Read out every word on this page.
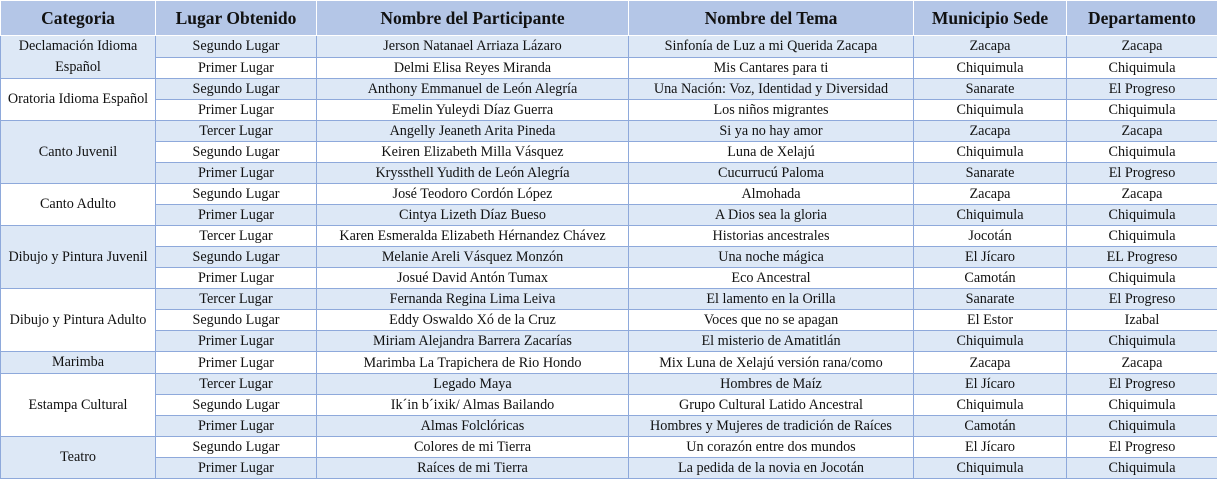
Categoria	Lugar Obtenido	Nombre del Participante	Nombre del Tema	Municipio Sede	Departamento
Declamación Idioma Español	Segundo Lugar	Jerson Natanael Arriaza Lázaro	Sinfonía de Luz a mi Querida Zacapa	Zacapa	Zacapa
	Primer Lugar	Delmi Elisa Reyes Miranda	Mis Cantares para ti	Chiquimula	Chiquimula
Oratoria Idioma Español	Segundo Lugar	Anthony Emmanuel de León Alegría	Una Nación: Voz, Identidad y Diversidad	Sanarate	El Progreso
	Primer Lugar	Emelin Yuleydi Díaz Guerra	Los niños migrantes	Chiquimula	Chiquimula
Canto Juvenil	Tercer Lugar	Angelly Jeaneth Arita Pineda	Si ya no hay amor	Zacapa	Zacapa
	Segundo Lugar	Keiren Elizabeth Milla Vásquez	Luna de Xelajú	Chiquimula	Chiquimula
	Primer Lugar	Kryssthell Yudith de León Alegría	Cucurrucú Paloma	Sanarate	El Progreso
Canto Adulto	Segundo Lugar	José Teodoro Cordón López	Almohada	Zacapa	Zacapa
	Primer Lugar	Cintya Lizeth Díaz Bueso	A Dios sea la gloria	Chiquimula	Chiquimula
Dibujo y Pintura Juvenil	Tercer Lugar	Karen Esmeralda Elizabeth Hérnandez Chávez	Historias ancestrales	Jocotán	Chiquimula
	Segundo Lugar	Melanie Areli Vásquez Monzón	Una noche mágica	El Jícaro	EL Progreso
	Primer Lugar	Josué David Antón Tumax	Eco Ancestral	Camotán	Chiquimula
Dibujo y Pintura Adulto	Tercer Lugar	Fernanda Regina Lima Leiva	El lamento en la Orilla	Sanarate	El Progreso
	Segundo Lugar	Eddy Oswaldo Xó de la Cruz	Voces que no se apagan	El Estor	Izabal
	Primer Lugar	Miriam Alejandra Barrera Zacarías	El misterio de Amatitlán	Chiquimula	Chiquimula
Marimba	Primer Lugar	Marimba La Trapichera de Rio Hondo	Mix Luna de Xelajú versión rana/como	Zacapa	Zacapa
Estampa Cultural	Tercer Lugar	Legado Maya	Hombres de Maíz	El Jícaro	El Progreso
	Segundo Lugar	Ik´in b´ixik/ Almas Bailando	Grupo Cultural Latido Ancestral	Chiquimula	Chiquimula
	Primer Lugar	Almas Folclóricas	Hombres y Mujeres de tradición de Raíces	Camotán	Chiquimula
Teatro	Segundo Lugar	Colores de mi Tierra	Un corazón entre dos mundos	El Jícaro	El Progreso
	Primer Lugar	Raíces de mi Tierra	La pedida de la novia en Jocotán	Chiquimula	Chiquimula
